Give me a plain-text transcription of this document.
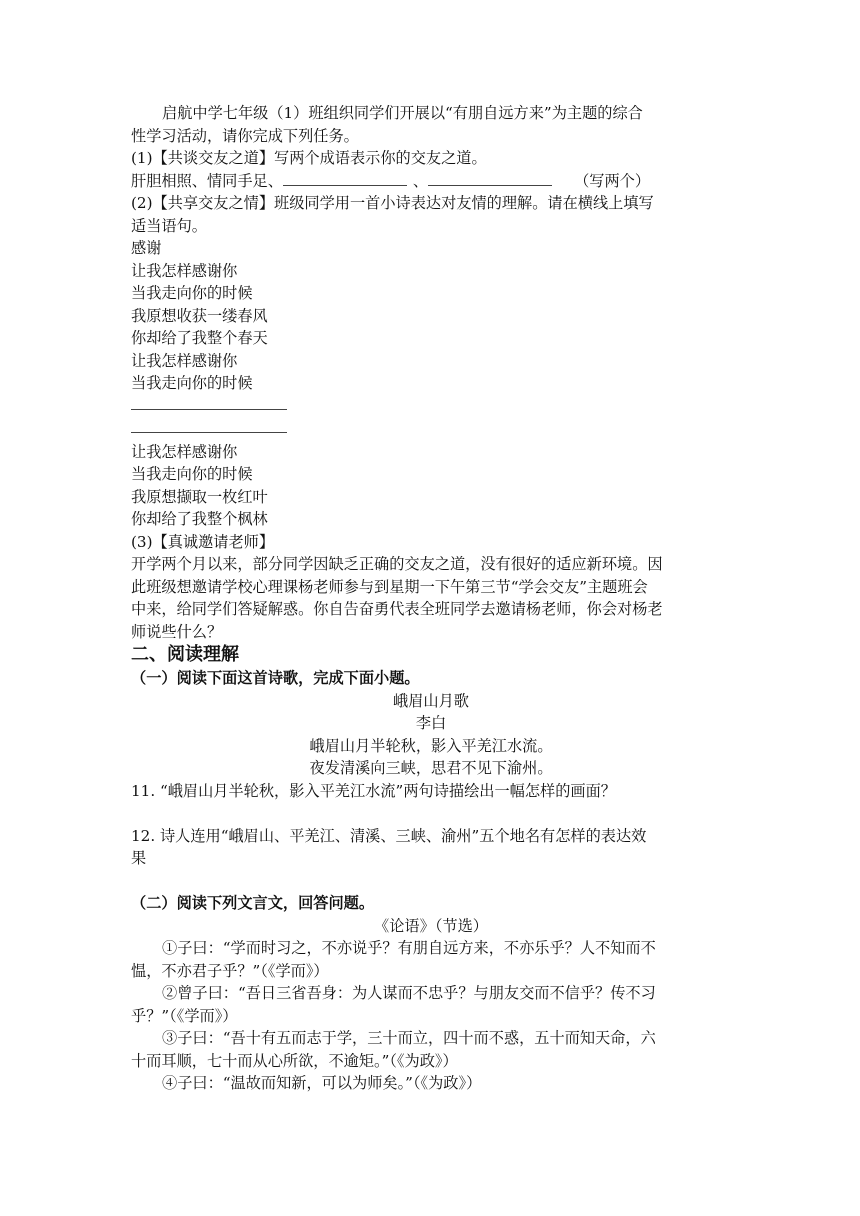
启航中学七年级（1）班组织同学们开展以“有朋自远方来”为主题的综合
性学习活动，请你完成下列任务。
(1)【共谈交友之道】写两个成语表示你的交友之道。
肝胆相照、情同手足、	、	（写两个）
(2)【共享交友之情】班级同学用一首小诗表达对友情的理解。请在横线上填写
适当语句。
感谢
让我怎样感谢你
当我走向你的时候
我原想收获一缕春风
你却给了我整个春天
让我怎样感谢你
当我走向你的时候
让我怎样感谢你
当我走向你的时候
我原想撷取一枚红叶
你却给了我整个枫林
(3)【真诚邀请老师】
开学两个月以来，部分同学因缺乏正确的交友之道，没有很好的适应新环境。因
此班级想邀请学校心理课杨老师参与到星期一下午第三节“学会交友”主题班会
中来，给同学们答疑解惑。你自告奋勇代表全班同学去邀请杨老师，你会对杨老
师说些什么？
二、阅读理解
（一）阅读下面这首诗歌，完成下面小题。
峨眉山月歌
李白
峨眉山月半轮秋，影入平羌江水流。
夜发清溪向三峡，思君不见下渝州。
11. “峨眉山月半轮秋，影入平羌江水流”两句诗描绘出一幅怎样的画面？
12. 诗人连用“峨眉山、平羌江、清溪、三峡、渝州”五个地名有怎样的表达效
果
（二）阅读下列文言文，回答问题。
《论语》（节选）
①子曰：“学而时习之，不亦说乎？有朋自远方来，不亦乐乎？人不知而不
愠，不亦君子乎？”（《学而》）
②曾子曰：“吾日三省吾身：为人谋而不忠乎？与朋友交而不信乎？传不习
乎？”（《学而》）
③子曰：“吾十有五而志于学，三十而立，四十而不惑，五十而知天命，六
十而耳顺，七十而从心所欲，不逾矩。”（《为政》）
④子曰：“温故而知新，可以为师矣。”（《为政》）
